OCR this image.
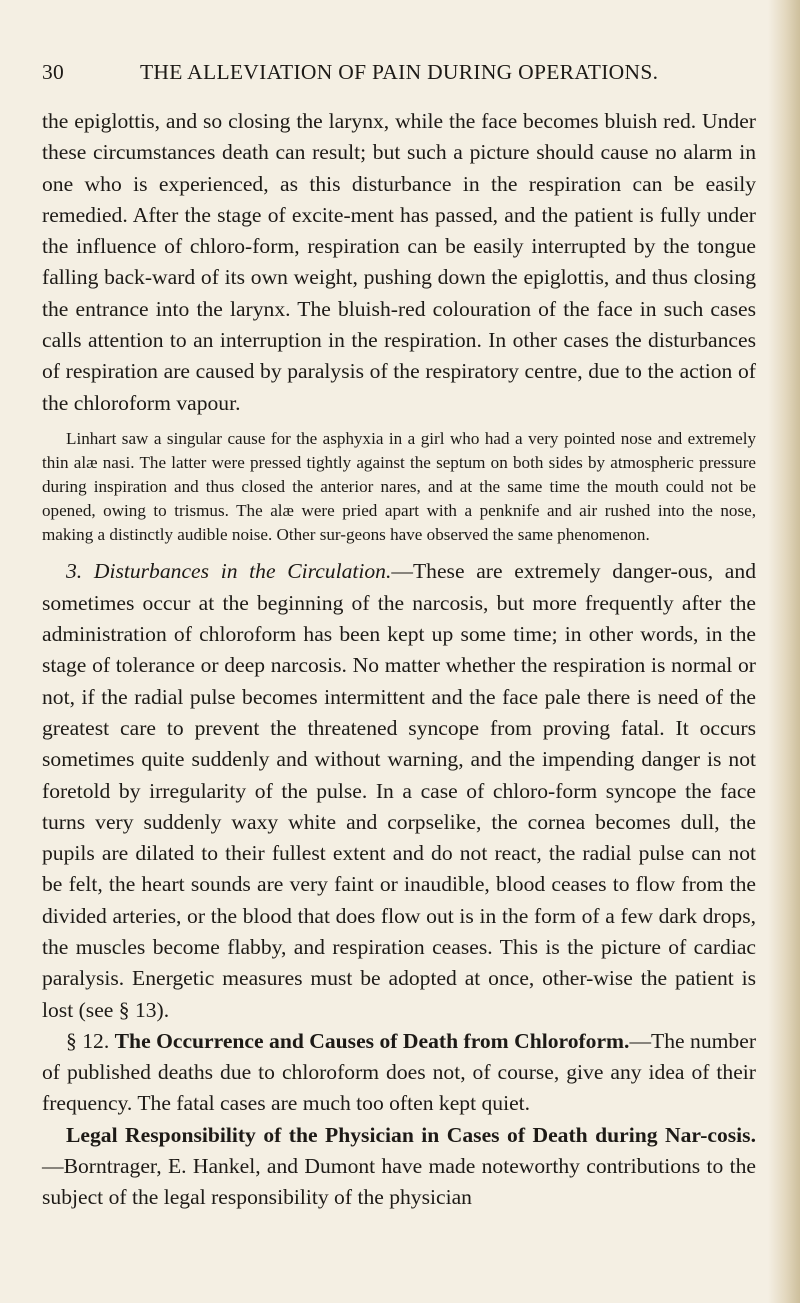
30	THE ALLEVIATION OF PAIN DURING OPERATIONS.

the epiglottis, and so closing the larynx, while the face becomes bluish red. Under these circumstances death can result; but such a picture should cause no alarm in one who is experienced, as this disturbance in the respiration can be easily remedied. After the stage of excite-ment has passed, and the patient is fully under the influence of chloro-form, respiration can be easily interrupted by the tongue falling back-ward of its own weight, pushing down the epiglottis, and thus closing the entrance into the larynx. The bluish-red colouration of the face in such cases calls attention to an interruption in the respiration. In other cases the disturbances of respiration are caused by paralysis of the respiratory centre, due to the action of the chloroform vapour.

Linhart saw a singular cause for the asphyxia in a girl who had a very pointed nose and extremely thin alæ nasi. The latter were pressed tightly against the septum on both sides by atmospheric pressure during inspiration and thus closed the anterior nares, and at the same time the mouth could not be opened, owing to trismus. The alæ were pried apart with a penknife and air rushed into the nose, making a distinctly audible noise. Other sur-geons have observed the same phenomenon.

3. Disturbances in the Circulation.—These are extremely danger-ous, and sometimes occur at the beginning of the narcosis, but more frequently after the administration of chloroform has been kept up some time; in other words, in the stage of tolerance or deep narcosis. No matter whether the respiration is normal or not, if the radial pulse becomes intermittent and the face pale there is need of the greatest care to prevent the threatened syncope from proving fatal. It occurs sometimes quite suddenly and without warning, and the impending danger is not foretold by irregularity of the pulse. In a case of chloro-form syncope the face turns very suddenly waxy white and corpselike, the cornea becomes dull, the pupils are dilated to their fullest extent and do not react, the radial pulse can not be felt, the heart sounds are very faint or inaudible, blood ceases to flow from the divided arteries, or the blood that does flow out is in the form of a few dark drops, the muscles become flabby, and respiration ceases. This is the picture of cardiac paralysis. Energetic measures must be adopted at once, other-wise the patient is lost (see § 13).

§ 12. The Occurrence and Causes of Death from Chloroform.—The number of published deaths due to chloroform does not, of course, give any idea of their frequency. The fatal cases are much too often kept quiet.

Legal Responsibility of the Physician in Cases of Death during Nar-cosis.—Borntrager, E. Hankel, and Dumont have made noteworthy contributions to the subject of the legal responsibility of the physician
